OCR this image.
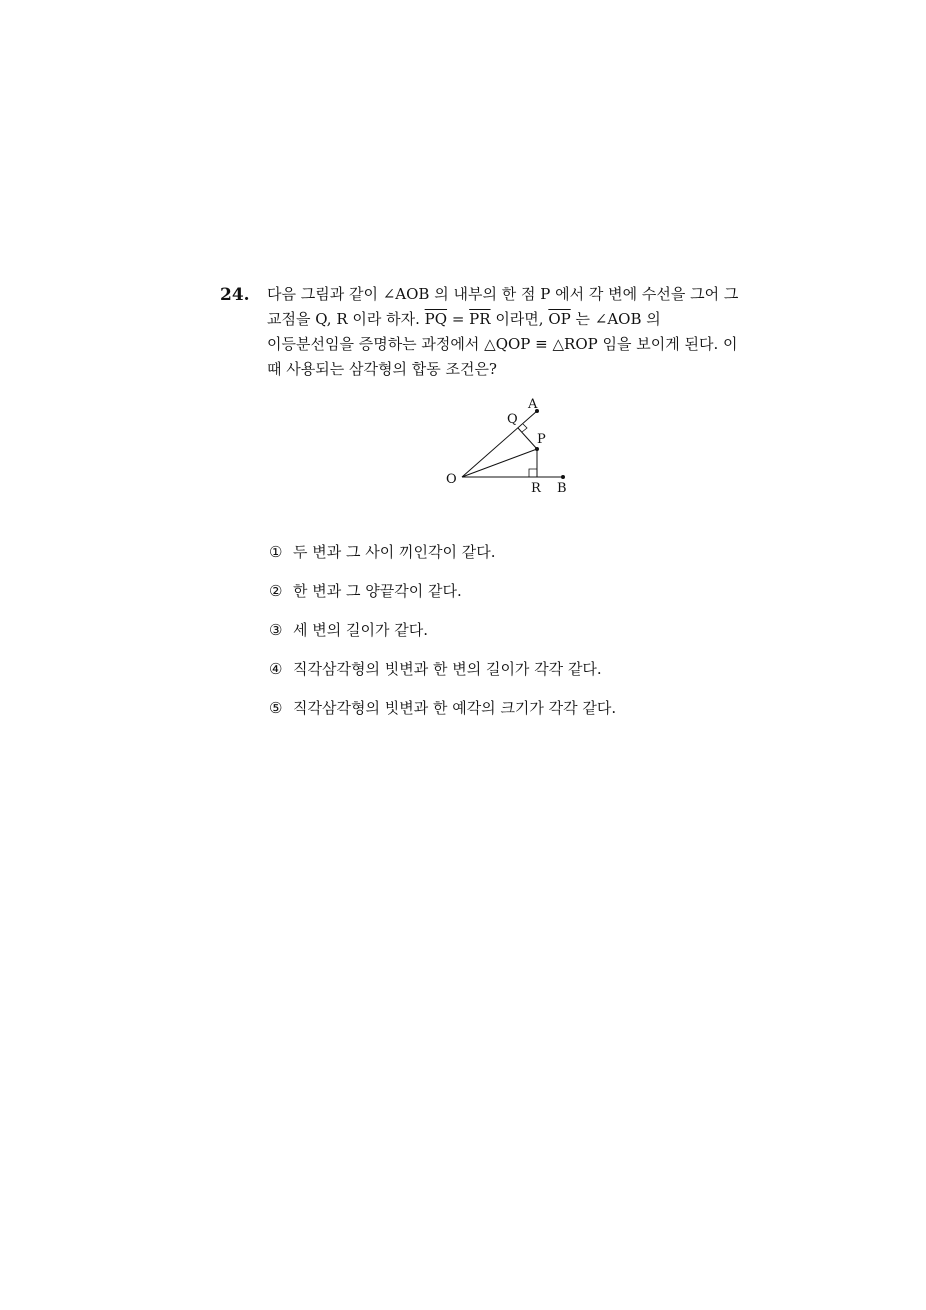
24. 다음 그림과 같이 ∠AOB 의 내부의 한 점 P 에서 각 변에 수선을 그어 그
교점을 Q, R 이라 하자. $\overline{PQ} = \overline{PR}$ 이라면, $\overline{OP}$ 는 ∠AOB 의
이등분선임을 증명하는 과정에서 △QOP ≡ △ROP 임을 보이게 된다. 이
때 사용되는 삼각형의 합동 조건은?
A
Q
P
O
R B
① 두 변과 그 사이 끼인각이 같다.
② 한 변과 그 양끝각이 같다.
③ 세 변의 길이가 같다.
④ 직각삼각형의 빗변과 한 변의 길이가 각각 같다.
⑤ 직각삼각형의 빗변과 한 예각의 크기가 각각 같다.
